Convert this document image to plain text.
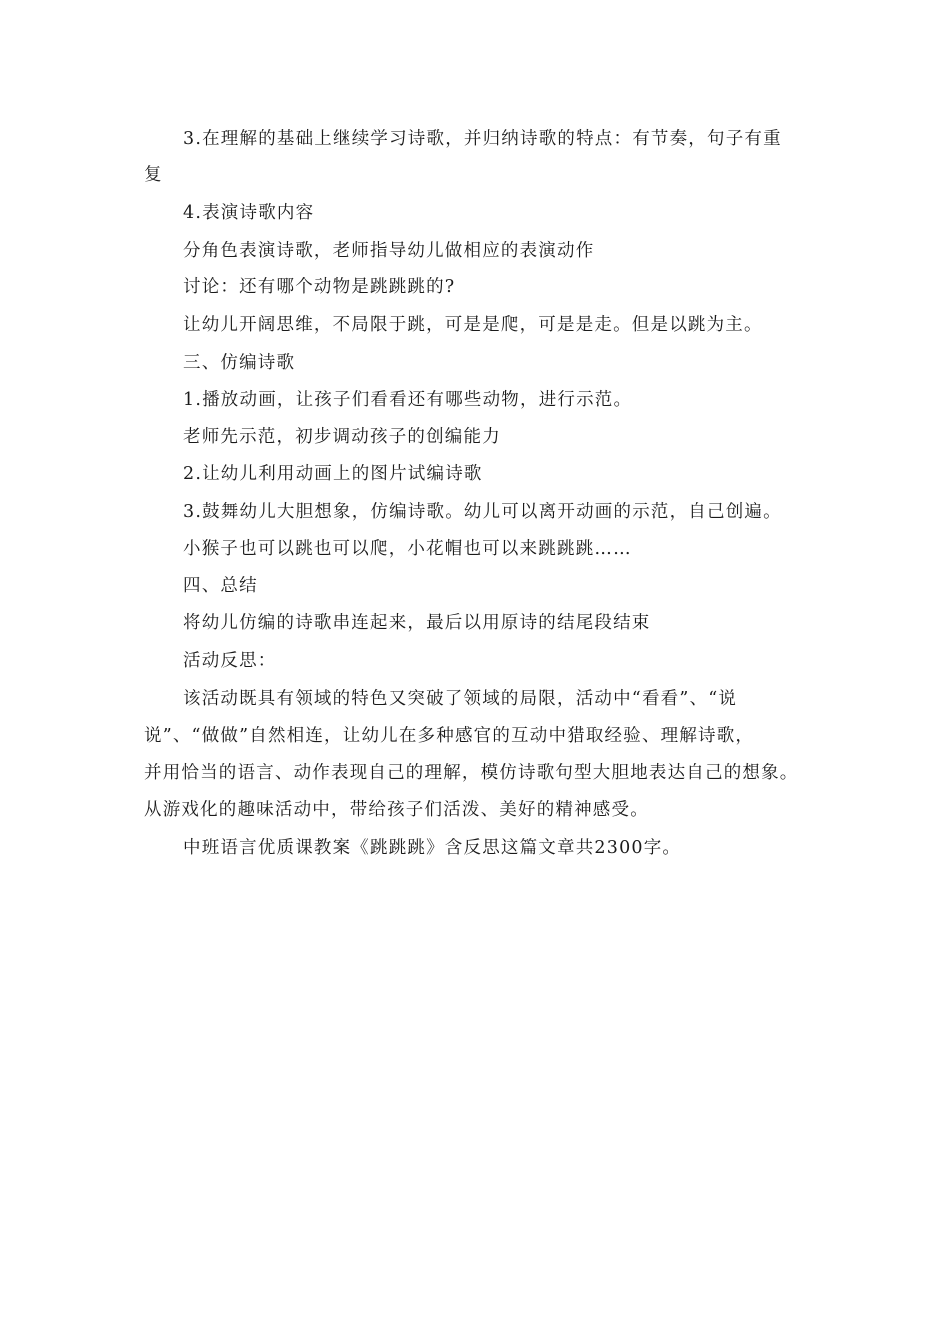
3.在理解的基础上继续学习诗歌，并归纳诗歌的特点：有节奏，句子有重
复
4.表演诗歌内容
分角色表演诗歌，老师指导幼儿做相应的表演动作
讨论：还有哪个动物是跳跳跳的?
让幼儿开阔思维，不局限于跳，可是是爬，可是是走。但是以跳为主。
三、仿编诗歌
1.播放动画，让孩子们看看还有哪些动物，进行示范。
老师先示范，初步调动孩子的创编能力
2.让幼儿利用动画上的图片试编诗歌
3.鼓舞幼儿大胆想象，仿编诗歌。幼儿可以离开动画的示范，自己创遍。
小猴子也可以跳也可以爬，小花帽也可以来跳跳跳……
四、总结
将幼儿仿编的诗歌串连起来，最后以用原诗的结尾段结束
活动反思：
该活动既具有领域的特色又突破了领域的局限，活动中“看看”、“说
说”、“做做”自然相连，让幼儿在多种感官的互动中猎取经验、理解诗歌，
并用恰当的语言、动作表现自己的理解，模仿诗歌句型大胆地表达自己的想象。
从游戏化的趣味活动中，带给孩子们活泼、美好的精神感受。
中班语言优质课教案《跳跳跳》含反思这篇文章共2300字。
